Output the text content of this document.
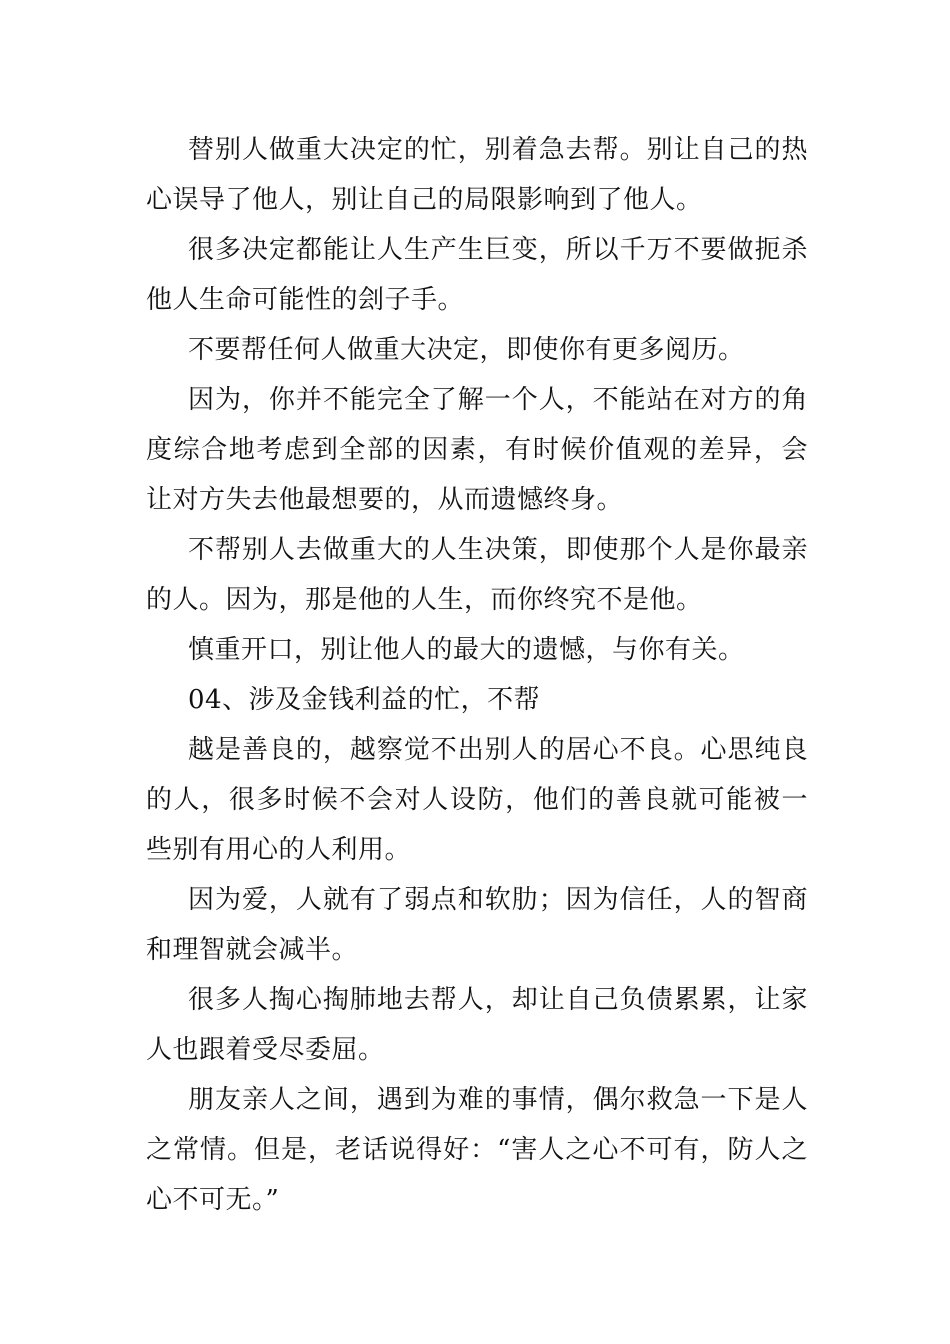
替别人做重大决定的忙，别着急去帮。别让自己的热心误导了他人，别让自己的局限影响到了他人。

很多决定都能让人生产生巨变，所以千万不要做扼杀他人生命可能性的刽子手。

不要帮任何人做重大决定，即使你有更多阅历。

因为，你并不能完全了解一个人，不能站在对方的角度综合地考虑到全部的因素，有时候价值观的差异，会让对方失去他最想要的，从而遗憾终身。

不帮别人去做重大的人生决策，即使那个人是你最亲的人。因为，那是他的人生，而你终究不是他。

慎重开口，别让他人的最大的遗憾，与你有关。

04、涉及金钱利益的忙，不帮

越是善良的，越察觉不出别人的居心不良。心思纯良的人，很多时候不会对人设防，他们的善良就可能被一些别有用心的人利用。

因为爱，人就有了弱点和软肋；因为信任，人的智商和理智就会减半。

很多人掏心掏肺地去帮人，却让自己负债累累，让家人也跟着受尽委屈。

朋友亲人之间，遇到为难的事情，偶尔救急一下是人之常情。但是，老话说得好：“害人之心不可有，防人之心不可无。”
